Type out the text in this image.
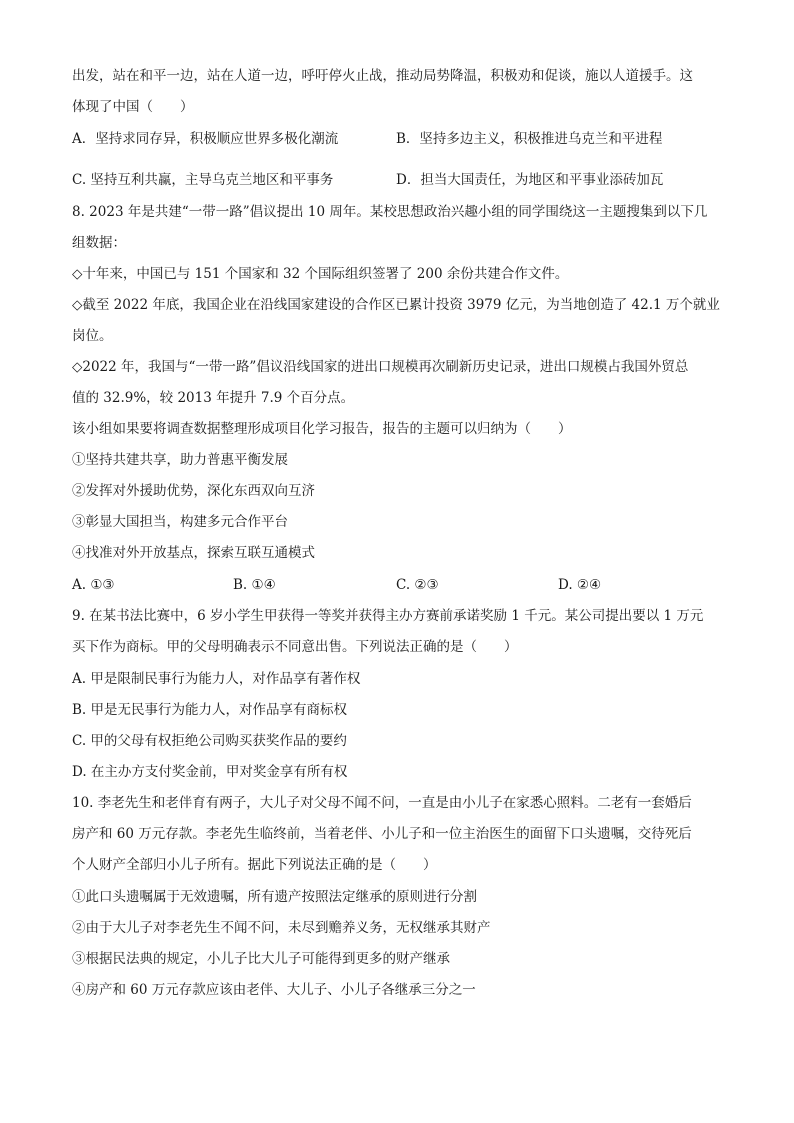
出发，站在和平一边，站在人道一边，呼吁停火止战，推动局势降温，积极劝和促谈，施以人道援手。这
体现了中国（　　）
A．坚持求同存异，积极顺应世界多极化潮流	B．坚持多边主义，积极推进乌克兰和平进程
C. 坚持互利共赢，主导乌克兰地区和平事务	D．担当大国责任，为地区和平事业添砖加瓦
8. 2023 年是共建“一带一路”倡议提出 10 周年。某校思想政治兴趣小组的同学围绕这一主题搜集到以下几
组数据：
◇十年来，中国已与 151 个国家和 32 个国际组织签署了 200 余份共建合作文件。
◇截至 2022 年底，我国企业在沿线国家建设的合作区已累计投资 3979 亿元，为当地创造了 42.1 万个就业
岗位。
◇2022 年，我国与“一带一路”倡议沿线国家的进出口规模再次刷新历史记录，进出口规模占我国外贸总
值的 32.9%，较 2013 年提升 7.9 个百分点。
该小组如果要将调查数据整理形成项目化学习报告，报告的主题可以归纳为（　　）
①坚持共建共享，助力普惠平衡发展
②发挥对外援助优势，深化东西双向互济
③彰显大国担当，构建多元合作平台
④找准对外开放基点，探索互联互通模式
A. ①③	B. ①④	C. ②③	D. ②④
9. 在某书法比赛中，6 岁小学生甲获得一等奖并获得主办方赛前承诺奖励 1 千元。某公司提出要以 1 万元
买下作为商标。甲的父母明确表示不同意出售。下列说法正确的是（　　）
A. 甲是限制民事行为能力人，对作品享有著作权
B. 甲是无民事行为能力人，对作品享有商标权
C. 甲的父母有权拒绝公司购买获奖作品的要约
D. 在主办方支付奖金前，甲对奖金享有所有权
10. 李老先生和老伴育有两子，大儿子对父母不闻不问，一直是由小儿子在家悉心照料。二老有一套婚后
房产和 60 万元存款。李老先生临终前，当着老伴、小儿子和一位主治医生的面留下口头遗嘱，交待死后
个人财产全部归小儿子所有。据此下列说法正确的是（　　）
①此口头遗嘱属于无效遗嘱，所有遗产按照法定继承的原则进行分割
②由于大儿子对李老先生不闻不问，未尽到赡养义务，无权继承其财产
③根据民法典的规定，小儿子比大儿子可能得到更多的财产继承
④房产和 60 万元存款应该由老伴、大儿子、小儿子各继承三分之一
